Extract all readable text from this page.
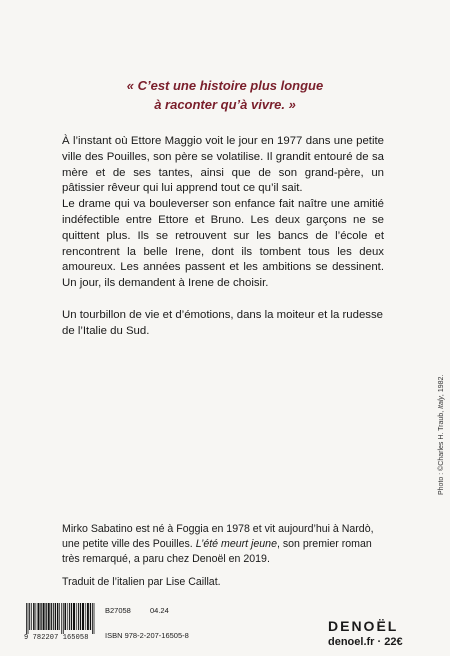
« C’est une histoire plus longue
à raconter qu’à vivre. »

À l’instant où Ettore Maggio voit le jour en 1977 dans une petite ville des Pouilles, son père se volatilise. Il grandit entouré de sa mère et de ses tantes, ainsi que de son grand-père, un pâtissier rêveur qui lui apprend tout ce qu’il sait.

Le drame qui va bouleverser son enfance fait naître une amitié indéfectible entre Ettore et Bruno. Les deux garçons ne se quittent plus. Ils se retrouvent sur les bancs de l’école et rencontrent la belle Irene, dont ils tombent tous les deux amoureux. Les années passent et les ambitions se dessinent. Un jour, ils demandent à Irene de choisir.

Un tourbillon de vie et d’émotions, dans la moiteur et la rudesse de l’Italie du Sud.

Mirko Sabatino est né à Foggia en 1978 et vit aujourd’hui à Nardò, une petite ville des Pouilles. L’été meurt jeune, son premier roman très remarqué, a paru chez Denoël en 2019.
Traduit de l’italien par Lise Caillat.
9 782207 165058
B27058	04.24
ISBN 978-2-207-16505-8
DENOËL
denoel.fr · 22€
Photo : ©Charles H. Traub, Italy, 1982.
